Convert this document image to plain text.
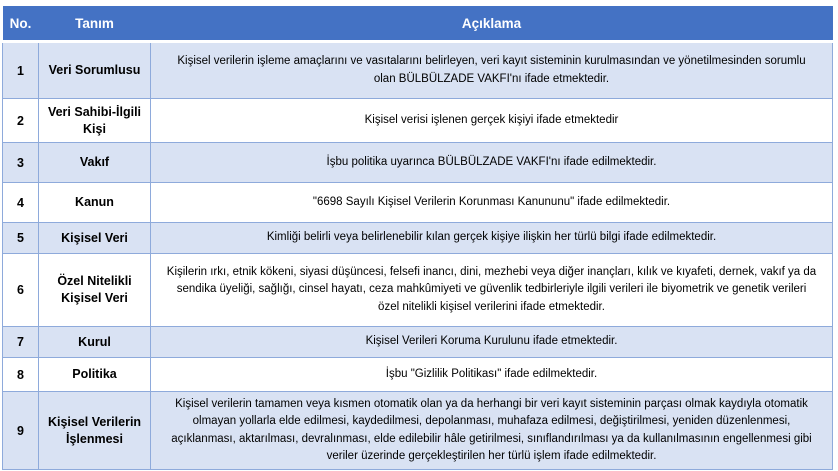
No.	Tanım	Açıklama
1	Veri Sorumlusu	Kişisel verilerin işleme amaçlarını ve vasıtalarını belirleyen, veri kayıt sisteminin kurulmasından ve yönetilmesinden sorumlu olan BÜLBÜLZADE VAKFI'nı ifade etmektedir.
2	Veri Sahibi-İlgili Kişi	Kişisel verisi işlenen gerçek kişiyi ifade etmektedir
3	Vakıf	İşbu politika uyarınca BÜLBÜLZADE VAKFI'nı ifade edilmektedir.
4	Kanun	"6698 Sayılı Kişisel Verilerin Korunması Kanununu" ifade edilmektedir.
5	Kişisel Veri	Kimliği belirli veya belirlenebilir kılan gerçek kişiye ilişkin her türlü bilgi ifade edilmektedir.
6	Özel Nitelikli Kişisel Veri	Kişilerin ırkı, etnik kökeni, siyasi düşüncesi, felsefi inancı, dini, mezhebi veya diğer inançları, kılık ve kıyafeti, dernek, vakıf ya da sendika üyeliği, sağlığı, cinsel hayatı, ceza mahkûmiyeti ve güvenlik tedbirleriyle ilgili verileri ile biyometrik ve genetik verileri özel nitelikli kişisel verilerini ifade etmektedir.
7	Kurul	Kişisel Verileri Koruma Kurulunu ifade etmektedir.
8	Politika	İşbu "Gizlilik Politikası" ifade edilmektedir.
9	Kişisel Verilerin İşlenmesi	Kişisel verilerin tamamen veya kısmen otomatik olan ya da herhangi bir veri kayıt sisteminin parçası olmak kaydıyla otomatik olmayan yollarla elde edilmesi, kaydedilmesi, depolanması, muhafaza edilmesi, değiştirilmesi, yeniden düzenlenmesi, açıklanması, aktarılması, devralınması, elde edilebilir hâle getirilmesi, sınıflandırılması ya da kullanılmasının engellenmesi gibi veriler üzerinde gerçekleştirilen her türlü işlem ifade edilmektedir.
